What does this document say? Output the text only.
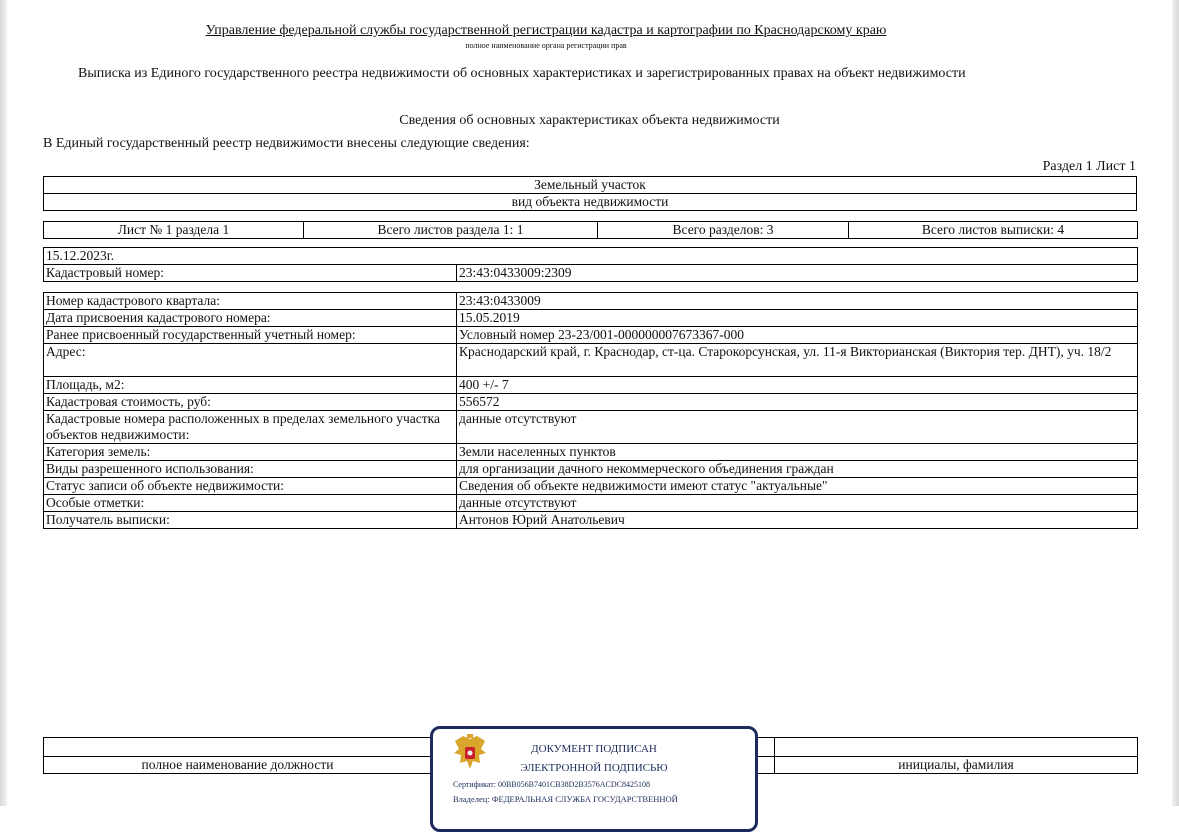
Управление федеральной службы государственной регистрации кадастра и картографии по Краснодарскому краю
полное наименование органа регистрации прав
Выписка из Единого государственного реестра недвижимости об основных характеристиках и зарегистрированных правах на объект недвижимости
Сведения об основных характеристиках объекта недвижимости
В Единый государственный реестр недвижимости внесены следующие сведения:
Раздел 1 Лист 1
Земельный участок
вид объекта недвижимости
Лист № 1 раздела 1	Всего листов раздела 1: 1	Всего разделов: 3	Всего листов выписки: 4
15.12.2023г.
Кадастровый номер:	23:43:0433009:2309
Номер кадастрового квартала:	23:43:0433009
Дата присвоения кадастрового номера:	15.05.2019
Ранее присвоенный государственный учетный номер:	Условный номер 23-23/001-000000007673367-000
Адрес:	Краснодарский край, г. Краснодар, ст-ца. Старокорсунская, ул. 11-я Викторианская (Виктория тер. ДНТ), уч. 18/2
Площадь, м2:	400 +/- 7
Кадастровая стоимость, руб:	556572
Кадастровые номера расположенных в пределах земельного участка объектов недвижимости:	данные отсутствуют
Категория земель:	Земли населенных пунктов
Виды разрешенного использования:	для организации дачного некоммерческого объединения граждан
Статус записи об объекте недвижимости:	Сведения об объекте недвижимости имеют статус "актуальные"
Особые отметки:	данные отсутствуют
Получатель выписки:	Антонов Юрий Анатольевич

полное наименование должности		инициалы, фамилия
ДОКУМЕНТ ПОДПИСАН
ЭЛЕКТРОННОЙ ПОДПИСЬЮ
Сертификат: 00BB056B7401CB38D2B3576ACDC8425108
Владелец: ФЕДЕРАЛЬНАЯ СЛУЖБА ГОСУДАРСТВЕННОЙ
